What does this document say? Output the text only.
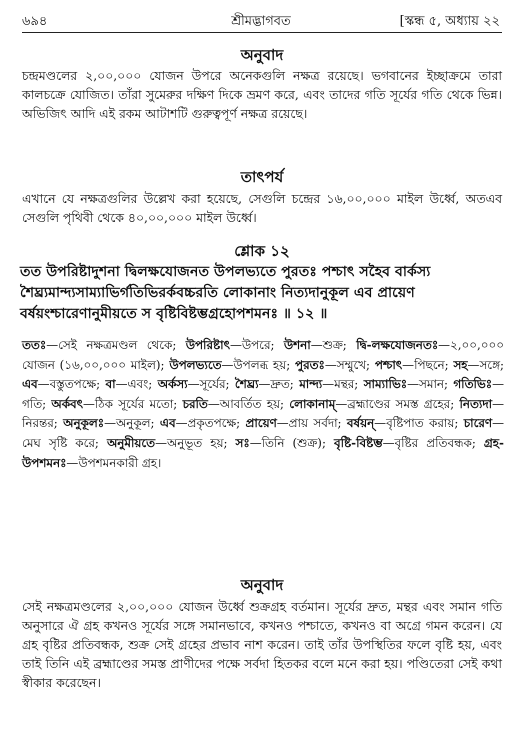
৬৯৪	শ্রীমদ্ভাগবত	[স্কন্ধ ৫, অধ্যায় ২২
অনুবাদ

চন্দ্রমণ্ডলের ২,০০,০০০ যোজন উপরে অনেকগুলি নক্ষত্র রয়েছে। ভগবানের ইচ্ছাক্রমে তারা কালচক্রে যোজিত। তাঁরা সুমেরুর দক্ষিণ দিকে ভ্রমণ করে, এবং তাদের গতি সূর্যের গতি থেকে ভিন্ন। অভিজিৎ আদি এই রকম আটাশটি গুরুত্বপূর্ণ নক্ষত্র রয়েছে।

তাৎপর্য

এখানে যে নক্ষত্রগুলির উল্লেখ করা হয়েছে, সেগুলি চন্দ্রের ১৬,০০,০০০ মাইল উর্ধ্বে, অতএব সেগুলি পৃথিবী থেকে ৪০,০০,০০০ মাইল উর্ধ্বে।

শ্লোক ১২

তত উপরিষ্টাদুশনা দ্বিলক্ষযোজনত উপলভ্যতে পুরতঃ পশ্চাৎ সহৈব বার্কস্য শৈঘ্র্যমান্দ্যসাম্যাভির্গতিভিরর্কবচ্চরতি লোকানাং নিত্যদানুকূল এব প্রায়েণ বর্ষয়ংশ্চারেণানুমীয়তে স বৃষ্টিবিষ্টম্ভগ্রহোপশমনঃ ॥ ১২ ॥

ততঃ—সেই নক্ষত্রমণ্ডল থেকে; উপরিষ্টাৎ—উপরে; উশনা—শুক্র; দ্বি-লক্ষযোজনতঃ—২,০০,০০০ যোজন (১৬,০০,০০০ মাইল); উপলভ্যতে—উপলব্ধ হয়; পুরতঃ—সম্মুখে; পশ্চাৎ—পিছনে; সহ—সঙ্গে; এব—বস্তুতপক্ষে; বা—এবং; অর্কস্য—সূর্যের; শৈঘ্র্য—দ্রুত; মান্দ্য—মন্থর; সাম্যাভিঃ—সমান; গতিভিঃ—গতি; অর্কবৎ—ঠিক সূর্যের মতো; চরতি—আবর্তিত হয়; লোকানাম্—ব্রহ্মাণ্ডের সমস্ত গ্রহের; নিত্যদা—নিরন্তর; অনুকূলঃ—অনুকূল; এব—প্রকৃতপক্ষে; প্রায়েণ—প্রায় সর্বদা; বর্ষয়ন্—বৃষ্টিপাত করায়; চারেণ—মেঘ সৃষ্টি করে; অনুমীয়তে—অনুভূত হয়; সঃ—তিনি (শুক্র); বৃষ্টি-বিষ্টম্ভ—বৃষ্টির প্রতিবন্ধক; গ্রহ-উপশমনঃ—উপশমনকারী গ্রহ।

অনুবাদ

সেই নক্ষত্রমণ্ডলের ২,০০,০০০ যোজন উর্ধ্বে শুক্রগ্রহ বর্তমান। সূর্যের দ্রুত, মন্থর এবং সমান গতি অনুসারে ঐ গ্রহ কখনও সূর্যের সঙ্গে সমানভাবে, কখনও পশ্চাতে, কখনও বা অগ্রে গমন করেন। যে গ্রহ বৃষ্টির প্রতিবন্ধক, শুক্র সেই গ্রহের প্রভাব নাশ করেন। তাই তাঁর উপস্থিতির ফলে বৃষ্টি হয়, এবং তাই তিনি এই ব্রহ্মাণ্ডের সমস্ত প্রাণীদের পক্ষে সর্বদা হিতকর বলে মনে করা হয়। পণ্ডিতেরা সেই কথা স্বীকার করেছেন।
